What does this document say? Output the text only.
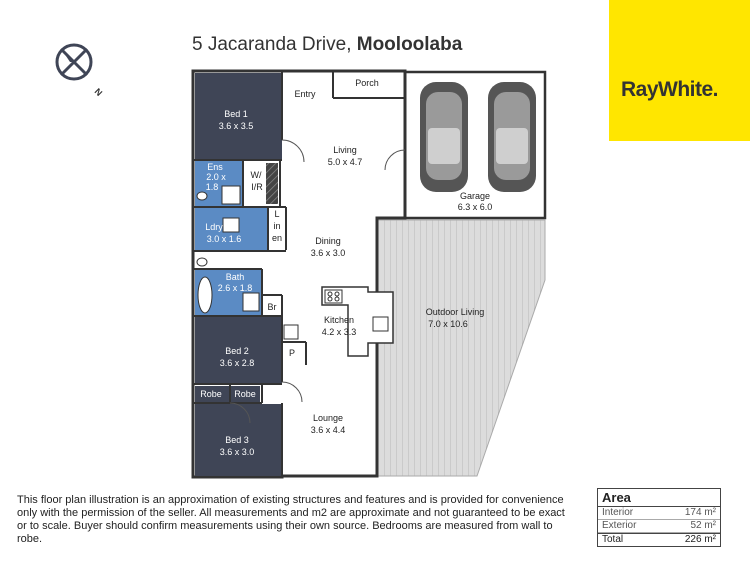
5 Jacaranda Drive, Mooloolaba
RayWhite.
N
Bed 1
3.6 x 3.5
Ens
2.0 x
1.8
Ldry
3.0 x 1.6
Bath
2.6 x 1.8
Bed 2
3.6 x 2.8
Robe Robe
Bed 3
3.6 x 3.0
Entry
Porch
Living
5.0 x 4.7
W/
I/R
Garage
6.3 x 6.0
L
in
en	Dining
3.6 x 3.0
Br
Kitchen
4.2 x 3.3
Outdoor Living
7.0 x 10.6
P
Lounge
3.6 x 4.4
This floor plan illustration is an approximation of existing structures and features and is provided for convenience only with the permission of the seller. All measurements and m2 are approximate and not guaranteed to be exact or to scale. Buyer should confirm measurements using their own source. Bedrooms are measured from wall to robe.
Area
Interior	174 m²
Exterior	52 m²
Total	226 m²
